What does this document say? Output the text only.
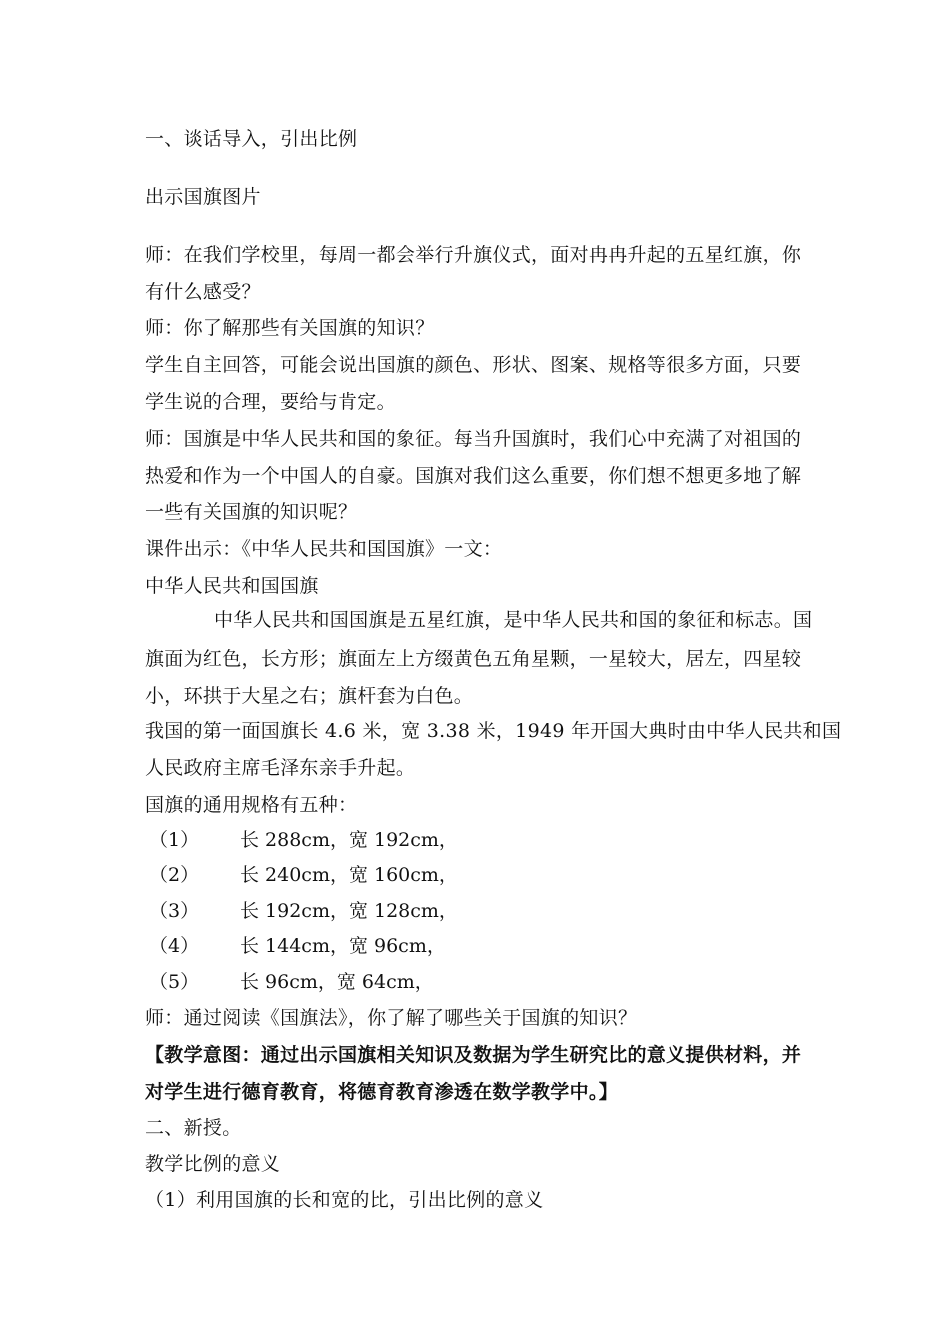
一、谈话导入，引出比例
出示国旗图片
师：在我们学校里，每周一都会举行升旗仪式，面对冉冉升起的五星红旗，你
有什么感受？
师：你了解那些有关国旗的知识？
学生自主回答，可能会说出国旗的颜色、形状、图案、规格等很多方面，只要
学生说的合理，要给与肯定。
师：国旗是中华人民共和国的象征。每当升国旗时，我们心中充满了对祖国的
热爱和作为一个中国人的自豪。国旗对我们这么重要，你们想不想更多地了解
一些有关国旗的知识呢？
课件出示：《中华人民共和国国旗》一文：
中华人民共和国国旗
中华人民共和国国旗是五星红旗，是中华人民共和国的象征和标志。国
旗面为红色，长方形；旗面左上方缀黄色五角星颗，一星较大，居左，四星较
小，环拱于大星之右；旗杆套为白色。
我国的第一面国旗长 4.6 米，宽 3.38 米，1949 年开国大典时由中华人民共和国
人民政府主席毛泽东亲手升起。
国旗的通用规格有五种：
（1） 长 288cm，宽 192cm，
（2） 长 240cm，宽 160cm，
（3） 长 192cm，宽 128cm，
（4） 长 144cm，宽 96cm，
（5） 长 96cm，宽 64cm，
师：通过阅读《国旗法》，你了解了哪些关于国旗的知识？
【教学意图：通过出示国旗相关知识及数据为学生研究比的意义提供材料，并
对学生进行德育教育，将德育教育渗透在数学教学中。】
二、新授。
教学比例的意义
（1）利用国旗的长和宽的比，引出比例的意义
